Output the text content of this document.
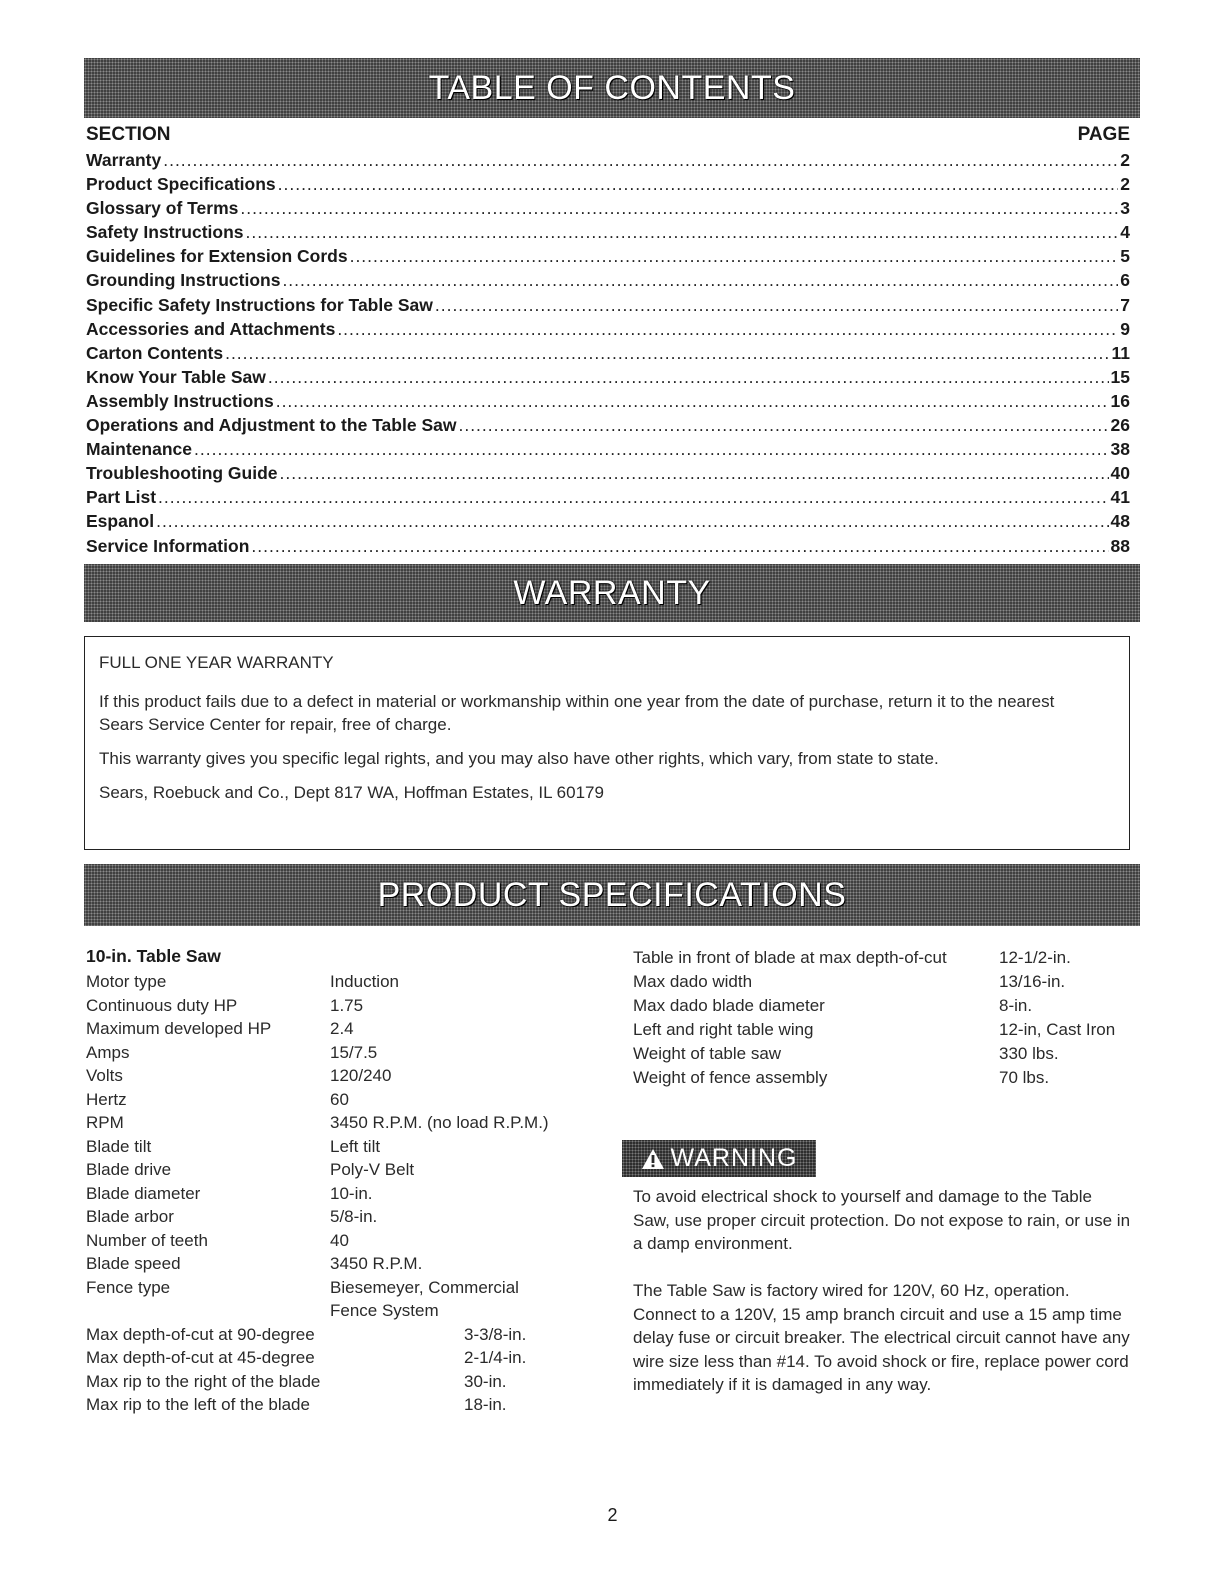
TABLE OF CONTENTS
SECTION	PAGE
Warranty .....	2
Product Specifications .....	2
Glossary of Terms .....	3
Safety Instructions .....	4
Guidelines for Extension Cords .....	5
Grounding Instructions .....	6
Specific Safety Instructions for Table Saw .....	7
Accessories and Attachments .....	9
Carton Contents .....	11
Know Your Table Saw .....	15
Assembly Instructions .....	16
Operations and Adjustment to the Table Saw .....	26
Maintenance .....	38
Troubleshooting Guide .....	40
Part List .....	41
Espanol .....	48
Service Information .....	88
WARRANTY

FULL ONE YEAR WARRANTY

If this product fails due to a defect in material or workmanship within one year from the date of purchase, return it to the nearest Sears Service Center for repair, free of charge.

This warranty gives you specific legal rights, and you may also have other rights, which vary, from state to state.

Sears, Roebuck and Co., Dept 817 WA, Hoffman Estates, IL 60179

PRODUCT SPECIFICATIONS
10-in. Table Saw
Motor type	Induction
Continuous duty HP	1.75
Maximum developed HP	2.4
Amps	15/7.5
Volts	120/240
Hertz	60
RPM	3450 R.P.M. (no load R.P.M.)
Blade tilt	Left tilt
Blade drive	Poly-V Belt
Blade diameter	10-in.
Blade arbor	5/8-in.
Number of teeth	40
Blade speed	3450 R.P.M.
Fence type	Biesemeyer, Commercial
Fence System
Max depth-of-cut at 90-degree	3-3/8-in.
Max depth-of-cut at 45-degree	2-1/4-in.
Max rip to the right of the blade	30-in.
Max rip to the left of the blade	18-in.
Table in front of blade at max depth-of-cut	12-1/2-in.
Max dado width	13/16-in.
Max dado blade diameter	8-in.
Left and right table wing	12-in, Cast Iron
Weight of table saw	330 lbs.
Weight of fence assembly	70 lbs.
WARNING

To avoid electrical shock to yourself and damage to the Table Saw, use proper circuit protection. Do not expose to rain, or use in a damp environment.

The Table Saw is factory wired for 120V, 60 Hz, operation. Connect to a 120V, 15 amp branch circuit and use a 15 amp time delay fuse or circuit breaker. The electrical circuit cannot have any wire size less than #14. To avoid shock or fire, replace power cord immediately if it is damaged in any way.

2
